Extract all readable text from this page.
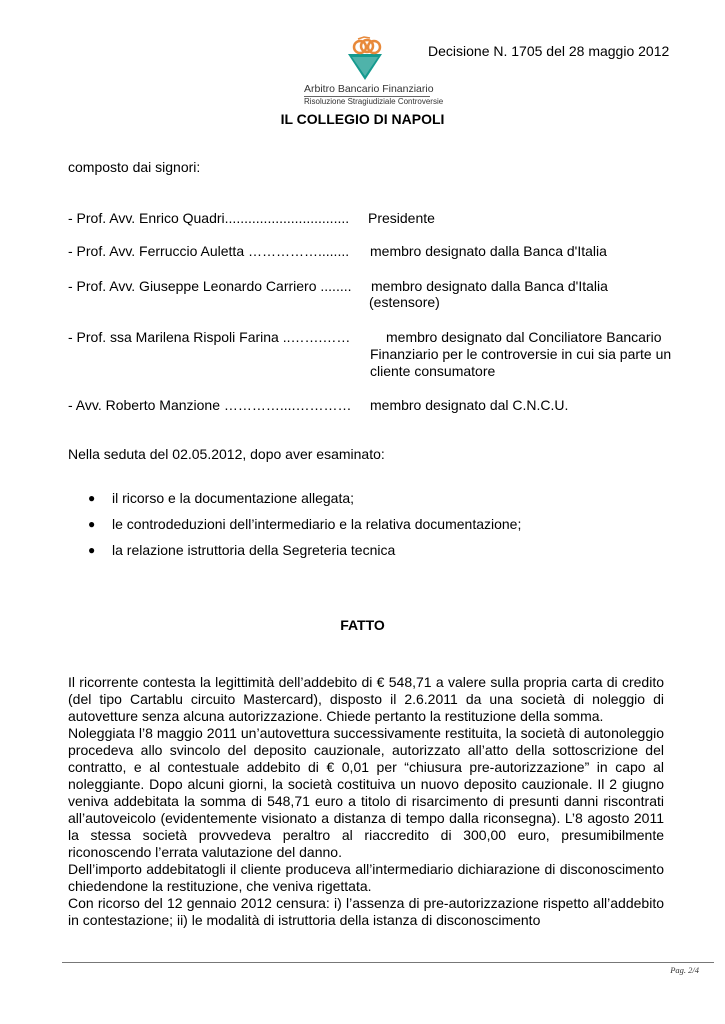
Arbitro Bancario Finanziario
Risoluzione Stragiudiziale Controversie
Decisione N. 1705 del 28 maggio 2012
IL COLLEGIO DI NAPOLI
composto dai signori:
- Prof. Avv. Enrico Quadri................................ Presidente
- Prof. Avv. Ferruccio Auletta ……………........ membro designato dalla Banca d'Italia
- Prof. Avv. Giuseppe Leonardo Carriero ........ membro designato dalla Banca d'Italia
(estensore)
- Prof. ssa Marilena Rispoli Farina ..…….……	membro designato dal Conciliatore Bancario
Finanziario per le controversie in cui sia parte un
cliente consumatore
- Avv. Roberto Manzione …………....………… membro designato dal C.N.C.U.
Nella seduta del 02.05.2012, dopo aver esaminato:
● il ricorso e la documentazione allegata;
● le controdeduzioni dell’intermediario e la relativa documentazione;
● la relazione istruttoria della Segreteria tecnica
FATTO

Il ricorrente contesta la legittimità dell’addebito di € 548,71 a valere sulla propria carta di credito (del tipo Cartablu circuito Mastercard), disposto il 2.6.2011 da una società di noleggio di autovetture senza alcuna autorizzazione. Chiede pertanto la restituzione della somma.

Noleggiata l’8 maggio 2011 un’autovettura successivamente restituita, la società di autonoleggio procedeva allo svincolo del deposito cauzionale, autorizzato all’atto della sottoscrizione del contratto, e al contestuale addebito di € 0,01 per “chiusura pre-autorizzazione” in capo al noleggiante. Dopo alcuni giorni, la società costituiva un nuovo deposito cauzionale. Il 2 giugno veniva addebitata la somma di 548,71 euro a titolo di risarcimento di presunti danni riscontrati all’autoveicolo (evidentemente visionato a distanza di tempo dalla riconsegna). L’8 agosto 2011 la stessa società provvedeva peraltro al riaccredito di 300,00 euro, presumibilmente riconoscendo l’errata valutazione del danno.

Dell’importo addebitatogli il cliente produceva all’intermediario dichiarazione di disconoscimento chiedendone la restituzione, che veniva rigettata.

Con ricorso del 12 gennaio 2012 censura: i) l’assenza di pre-autorizzazione rispetto all’addebito in contestazione; ii) le modalità di istruttoria della istanza di disconoscimento

Pag. 2/4
